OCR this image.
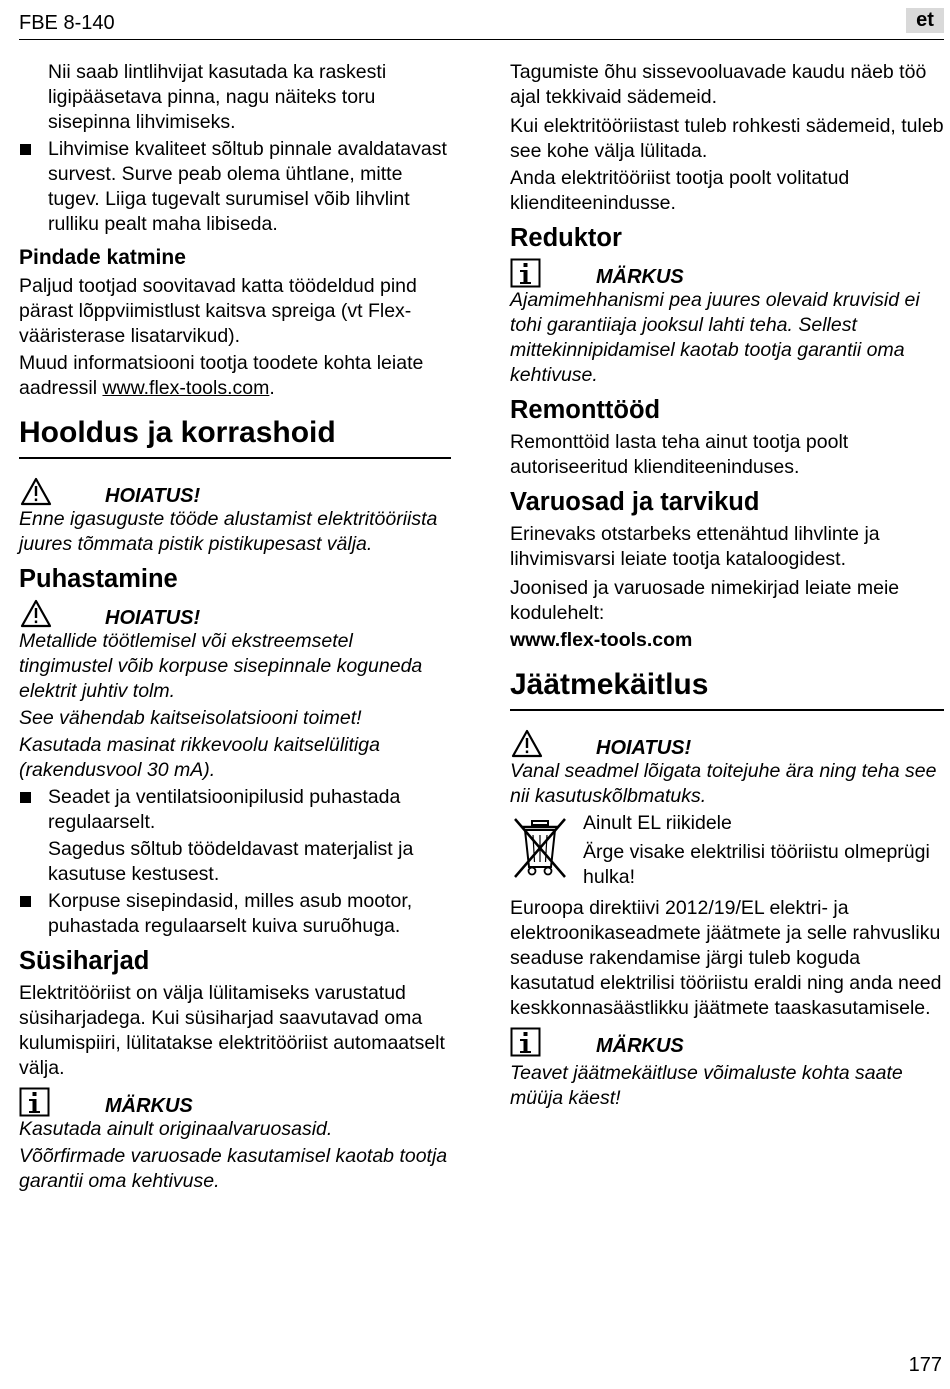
FBE 8-140	et

Nii saab lintlihvijat kasutada ka raskesti ligipääsetava pinna, nagu näiteks toru sisepinna lihvimiseks.

Lihvimise kvaliteet sõltub pinnale avaldatavast survest. Surve peab olema ühtlane, mitte tugev. Liiga tugevalt surumisel võib lihvlint rulliku pealt maha libiseda.

Pindade katmine

Paljud tootjad soovitavad katta töödeldud pind pärast lõppviimistlust kaitsva spreiga (vt Flex-vääristerase lisatarvikud).

Muud informatsiooni tootja toodete kohta leiate aadressil www.flex-tools.com.

Hooldus ja korrashoid
HOIATUS!

Enne igasuguste tööde alustamist elektritööriista juures tõmmata pistik pistikupesast välja.

Puhastamine
HOIATUS!

Metallide töötlemisel või ekstreemsetel tingimustel võib korpuse sisepinnale koguneda elektrit juhtiv tolm.

See vähendab kaitseisolatsiooni toimet!

Kasutada masinat rikkevoolu kaitselülitiga (rakendusvool 30 mA).

Seadet ja ventilatsioonipilusid puhastada regulaarselt.

Sagedus sõltub töödeldavast materjalist ja kasutuse kestusest.

Korpuse sisepindasid, milles asub mootor, puhastada regulaarselt kuiva suruõhuga.

Süsiharjad

Elektritööriist on välja lülitamiseks varustatud süsiharjadega. Kui süsiharjad saavutavad oma kulumispiiri, lülitatakse elektritööriist automaatselt välja.

MÄRKUS

Kasutada ainult originaalvaruosasid.

Võõrfirmade varuosade kasutamisel kaotab tootja garantii oma kehtivuse.

Tagumiste õhu sissevooluavade kaudu näeb töö ajal tekkivaid sädemeid.

Kui elektritööriistast tuleb rohkesti sädemeid, tuleb see kohe välja lülitada.

Anda elektritööriist tootja poolt volitatud klienditeenindusse.

Reduktor
MÄRKUS

Ajamimehhanismi pea juures olevaid kruvisid ei tohi garantiiaja jooksul lahti teha. Sellest mittekinnipidamisel kaotab tootja garantii oma kehtivuse.

Remonttööd

Remonttöid lasta teha ainut tootja poolt autoriseeritud klienditeeninduses.

Varuosad ja tarvikud

Erinevaks otstarbeks ettenähtud lihvlinte ja lihvimisvarsi leiate tootja kataloogidest.

Joonised ja varuosade nimekirjad leiate meie kodulehelt:

www.flex-tools.com

Jäätmekäitlus
HOIATUS!

Vanal seadmel lõigata toitejuhe ära ning teha see nii kasutuskõlbmatuks.

Ainult EL riikidele

Ärge visake elektrilisi tööriistu olmeprügi hulka!

Euroopa direktiivi 2012/19/EL elektri- ja elektroonikaseadmete jäätmete ja selle rahvusliku seaduse rakendamise järgi tuleb koguda kasutatud elektrilisi tööriistu eraldi ning anda need keskkonnasäästlikku jäätmete taaskasutamisele.

MÄRKUS

Teavet jäätmekäitluse võimaluste kohta saate müüja käest!

177
